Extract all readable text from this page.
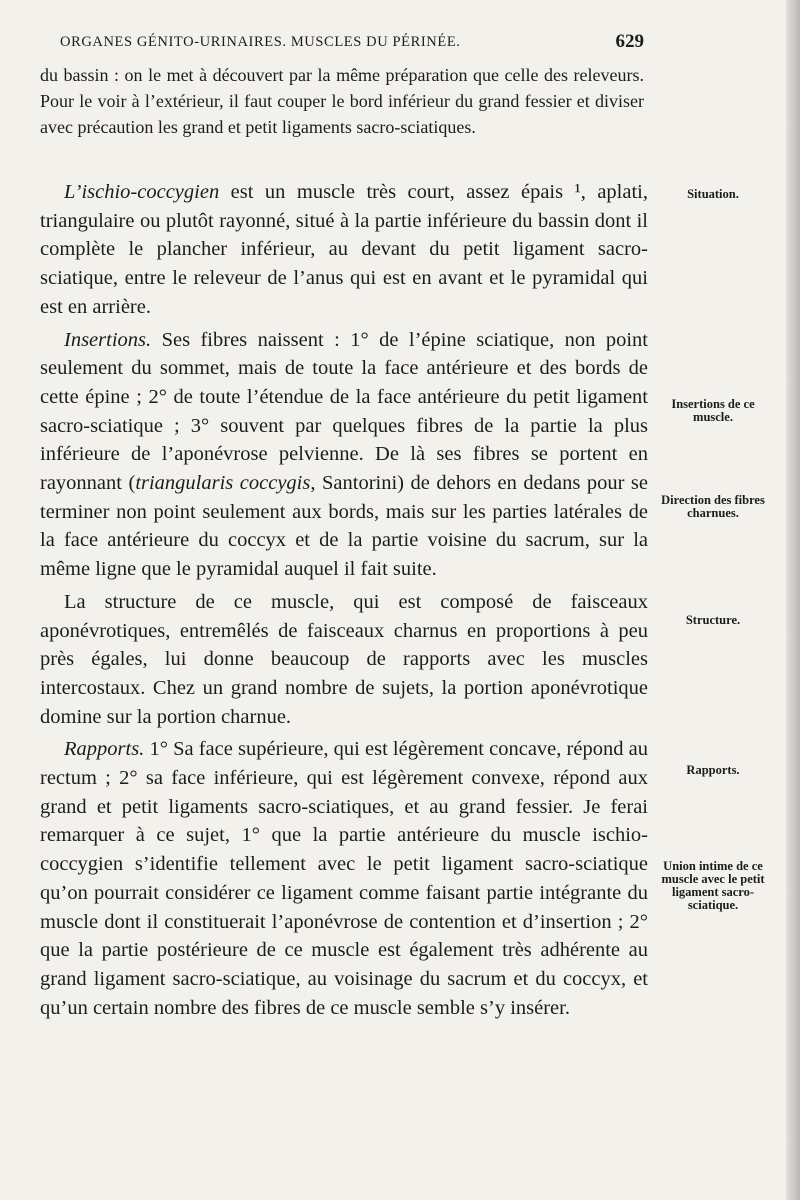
ORGANES GÉNITO-URINAIRES. MUSCLES DU PÉRINÉE.	629
du bassin : on le met à découvert par la même préparation que celle des releveurs. Pour le voir à l’extérieur, il faut couper le bord inférieur du grand fessier et diviser avec précaution les grand et petit ligaments sacro-sciatiques.

L’ischio-coccygien est un muscle très court, assez épais ¹, aplati, triangulaire ou plutôt rayonné, situé à la partie inférieure du bassin dont il complète le plancher inférieur, au devant du petit ligament sacro-sciatique, entre le releveur de l’anus qui est en avant et le pyramidal qui est en arrière.

Insertions. Ses fibres naissent : 1° de l’épine sciatique, non point seulement du sommet, mais de toute la face antérieure et des bords de cette épine ; 2° de toute l’étendue de la face antérieure du petit ligament sacro-sciatique ; 3° souvent par quelques fibres de la partie la plus inférieure de l’aponévrose pelvienne. De là ses fibres se portent en rayonnant (triangularis coccygis, Santorini) de dehors en dedans pour se terminer non point seulement aux bords, mais sur les parties latérales de la face antérieure du coccyx et de la partie voisine du sacrum, sur la même ligne que le pyramidal auquel il fait suite.

La structure de ce muscle, qui est composé de faisceaux aponévrotiques, entremêlés de faisceaux charnus en proportions à peu près égales, lui donne beaucoup de rapports avec les muscles intercostaux. Chez un grand nombre de sujets, la portion aponévrotique domine sur la portion charnue.

Rapports. 1° Sa face supérieure, qui est légèrement concave, répond au rectum ; 2° sa face inférieure, qui est légèrement convexe, répond aux grand et petit ligaments sacro-sciatiques, et au grand fessier. Je ferai remarquer à ce sujet, 1° que la partie antérieure du muscle ischio-coccygien s’identifie tellement avec le petit ligament sacro-sciatique qu’on pourrait considérer ce ligament comme faisant partie intégrante du muscle dont il constituerait l’aponévrose de contention et d’insertion ; 2° que la partie postérieure de ce muscle est également très adhérente au grand ligament sacro-sciatique, au voisinage du sacrum et du coccyx, et qu’un certain nombre des fibres de ce muscle semble s’y insérer.

Situation.
Insertions de ce muscle.
Direction des fibres charnues.
Structure.
Rapports.
Union intime de ce muscle avec le petit ligament sacro-sciatique.
